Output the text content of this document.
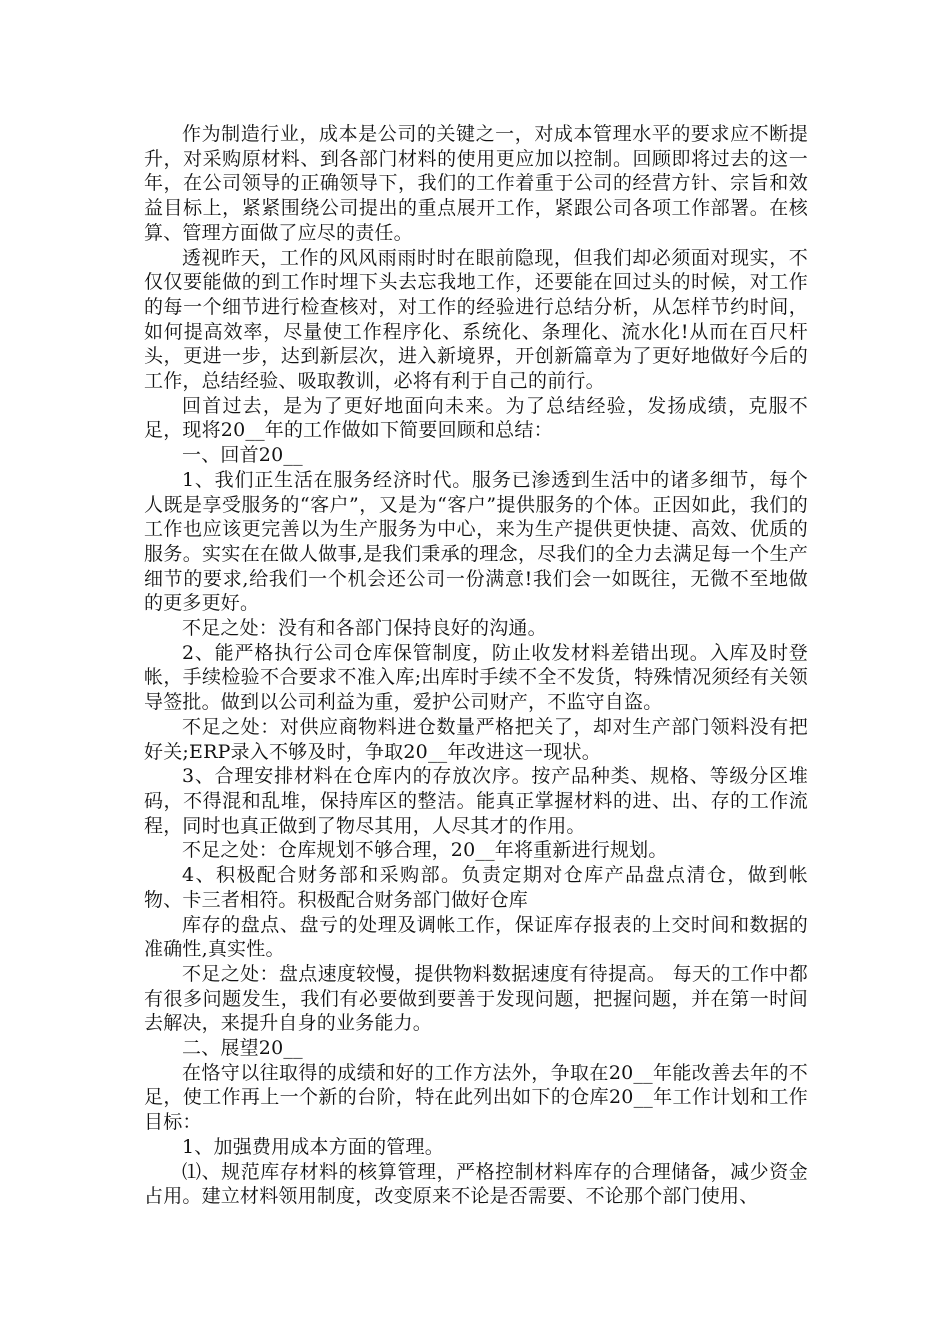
作为制造行业，成本是公司的关键之一，对成本管理水平的要求应不断提升，对采购原材料、到各部门材料的使用更应加以控制。回顾即将过去的这一年，在公司领导的正确领导下，我们的工作着重于公司的经营方针、宗旨和效益目标上，紧紧围绕公司提出的重点展开工作，紧跟公司各项工作部署。在核算、管理方面做了应尽的责任。

透视昨天，工作的风风雨雨时时在眼前隐现，但我们却必须面对现实，不仅仅要能做的到工作时埋下头去忘我地工作，还要能在回过头的时候，对工作的每一个细节进行检查核对，对工作的经验进行总结分析，从怎样节约时间，如何提高效率，尽量使工作程序化、系统化、条理化、流水化!从而在百尺杆头，更进一步，达到新层次，进入新境界，开创新篇章为了更好地做好今后的工作，总结经验、吸取教训，必将有利于自己的前行。

回首过去，是为了更好地面向未来。为了总结经验，发扬成绩，克服不足，现将20__年的工作做如下简要回顾和总结：

一、回首20__

1、我们正生活在服务经济时代。服务已渗透到生活中的诸多细节，每个人既是享受服务的“客户”，又是为“客户”提供服务的个体。正因如此，我们的工作也应该更完善以为生产服务为中心，来为生产提供更快捷、高效、优质的服务。实实在在做人做事,是我们秉承的理念，尽我们的全力去满足每一个生产细节的要求,给我们一个机会还公司一份满意!我们会一如既往，无微不至地做的更多更好。

不足之处：没有和各部门保持良好的沟通。

2、能严格执行公司仓库保管制度，防止收发材料差错出现。入库及时登帐，手续检验不合要求不准入库;出库时手续不全不发货，特殊情况须经有关领导签批。做到以公司利益为重，爱护公司财产，不监守自盗。

不足之处：对供应商物料进仓数量严格把关了，却对生产部门领料没有把好关;ERP录入不够及时，争取20__年改进这一现状。

3、合理安排材料在仓库内的存放次序。按产品种类、规格、等级分区堆码，不得混和乱堆，保持库区的整洁。能真正掌握材料的进、出、存的工作流程，同时也真正做到了物尽其用，人尽其才的作用。

不足之处：仓库规划不够合理，20__年将重新进行规划。

4、积极配合财务部和采购部。负责定期对仓库产品盘点清仓，做到帐物、卡三者相符。积极配合财务部门做好仓库

库存的盘点、盘亏的处理及调帐工作，保证库存报表的上交时间和数据的准确性,真实性。

不足之处：盘点速度较慢，提供物料数据速度有待提高。 每天的工作中都有很多问题发生，我们有必要做到要善于发现问题，把握问题，并在第一时间去解决，来提升自身的业务能力。

二、展望20__

在恪守以往取得的成绩和好的工作方法外，争取在20__年能改善去年的不足，使工作再上一个新的台阶，特在此列出如下的仓库20__年工作计划和工作目标：

1、加强费用成本方面的管理。

⑴、规范库存材料的核算管理，严格控制材料库存的合理储备，减少资金占用。建立材料领用制度，改变原来不论是否需要、不论那个部门使用、
